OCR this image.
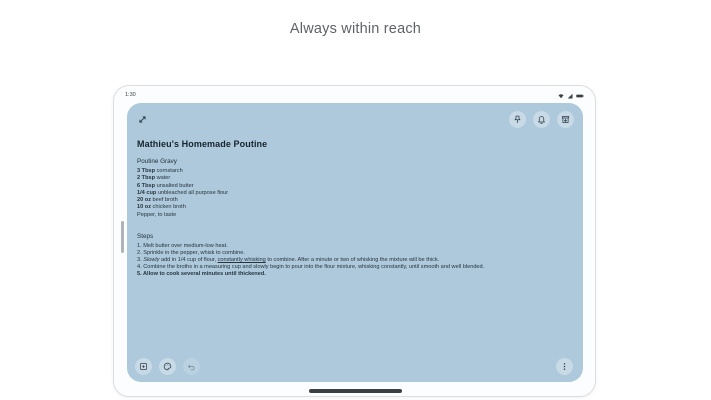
Always within reach
1:30
Mathieu's Homemade Poutine
Poutine Gravy
3 Tbsp cornstarch
2 Tbsp water
6 Tbsp unsalted butter
1/4 cup unbleached all purpose flour
20 oz beef broth
10 oz chicken broth
Pepper, to taste
Steps
1. Melt butter over medium-low heat.
2. Sprinkle in the pepper, whisk to combine.
3. Slowly add in 1/4 cup of flour, constantly whisking to combine. After a minute or two of whisking the mixture will be thick.
4. Combine the broths in a measuring cup and slowly begin to pour into the flour mixture, whisking constantly, until smooth and well blended.
5. Allow to cook several minutes until thickened.
